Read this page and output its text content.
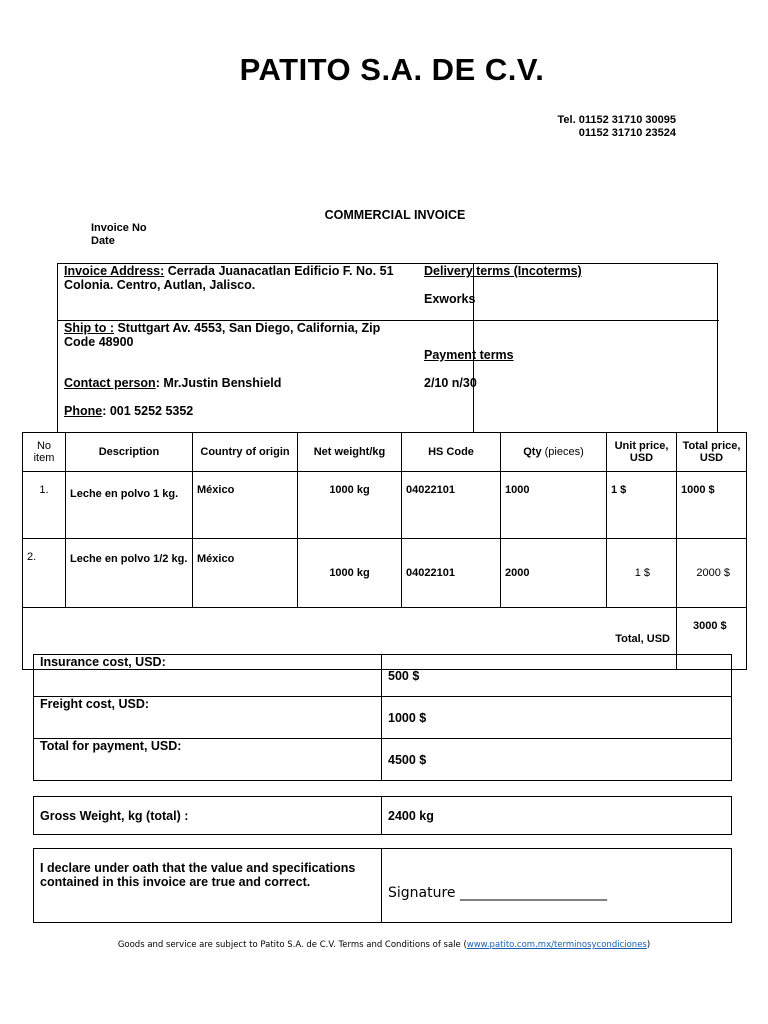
PATITO S.A. DE C.V.
Tel. 01152 31710 30095
01152 31710 23524
COMMERCIAL INVOICE
Invoice No
Date
Invoice Address: Cerrada Juanacatlan Edificio F. No. 51 Colonia. Centro, Autlan, Jalisco.
Delivery terms (Incoterms)
Exworks
Ship to : Stuttgart Av. 4553, San Diego, California, Zip Code 48900
Contact person: Mr.Justin Benshield
Phone: 001 5252 5352
Payment terms
2/10 n/30
No item	Description	Country of origin	Net weight/kg	HS Code	Qty (pieces)	Unit price, USD	Total price, USD
1.	Leche en polvo 1 kg.	México	1000 kg	04022101	1000	1 $	1000 $
2.	Leche en polvo 1/2 kg.	México	1000 kg	04022101	2000	1 $	2000 $
Total, USD							3000 $
Insurance cost, USD:	500 $
Freight cost, USD:	1000 $
Total for payment, USD:	4500 $
Gross Weight, kg (total) :	2400 kg
I declare under oath that the value and specifications contained in this invoice are true and correct.	Signature _____________________
Goods and service are subject to Patito S.A. de C.V. Terms and Conditions of sale (www.patito.com.mx/terminosycondiciones)
